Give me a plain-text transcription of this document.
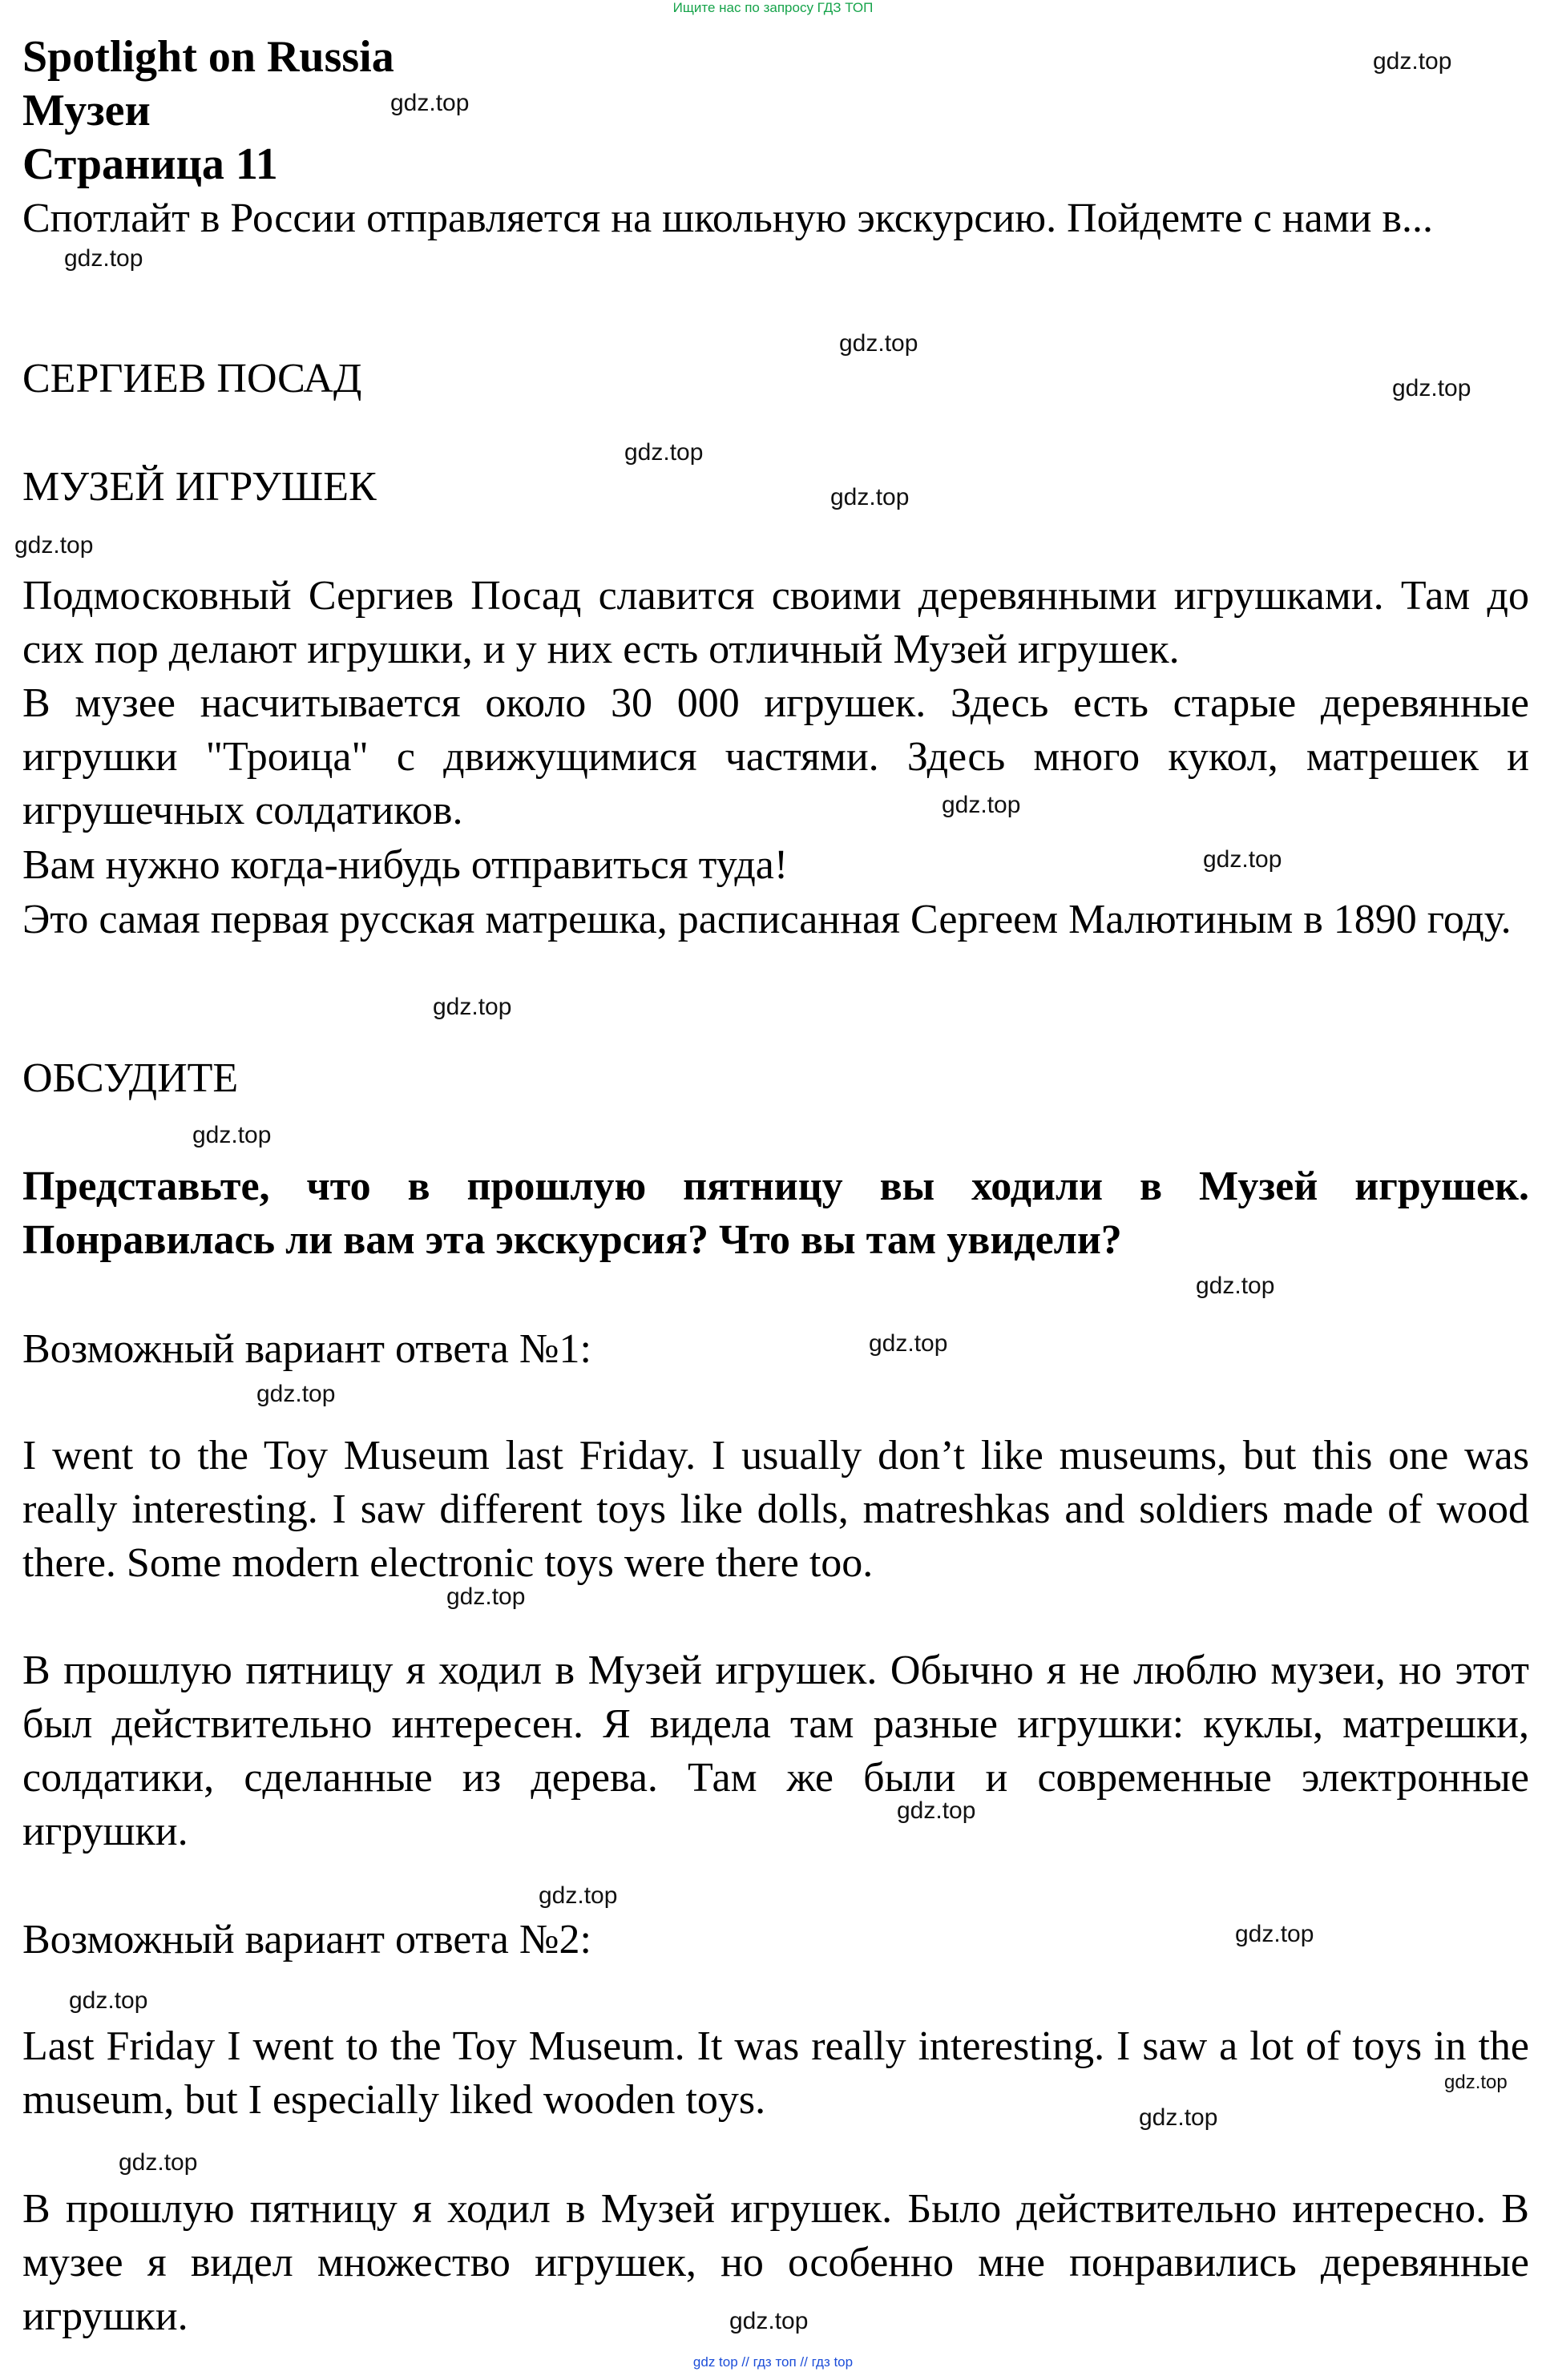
Ищите нас по запросу ГДЗ ТОП
Spotlight on Russia
Музеи
Страница 11

Спотлайт в России отправляется на школьную экскурсию. Пойдемте с нами в...

СЕРГИЕВ ПОСАД
МУЗЕЙ ИГРУШЕК

Подмосковный Сергиев Посад славится своими деревянными игрушками. Там до сих пор делают игрушки, и у них есть отличный Музей игрушек.

В музее насчитывается около 30 000 игрушек. Здесь есть старые деревянные игрушки "Троица" с движущимися частями. Здесь много кукол, матрешек и игрушечных солдатиков.

Вам нужно когда-нибудь отправиться туда!

Это самая первая русская матрешка, расписанная Сергеем Малютиным в 1890 году.

ОБСУДИТЕ

Представьте, что в прошлую пятницу вы ходили в Музей игрушек. Понравилась ли вам эта экскурсия? Что вы там увидели?

Возможный вариант ответа №1:

I went to the Toy Museum last Friday. I usually don’t like museums, but this one was really interesting. I saw different toys like dolls, matreshkas and soldiers made of wood there. Some modern electronic toys were there too.

В прошлую пятницу я ходил в Музей игрушек. Обычно я не люблю музеи, но этот был действительно интересен. Я видела там разные игрушки: куклы, матрешки, солдатики, сделанные из дерева. Там же были и современные электронные игрушки.

Возможный вариант ответа №2:

Last Friday I went to the Toy Museum. It was really interesting. I saw a lot of toys in the museum, but I especially liked wooden toys.

В прошлую пятницу я ходил в Музей игрушек. Было действительно интересно. В музее я видел множество игрушек, но особенно мне понравились деревянные игрушки.

gdz.top
gdz.top
gdz.top
gdz.top
gdz.top
gdz.top
gdz.top
gdz.top
gdz.top
gdz.top
gdz.top
gdz.top
gdz.top
gdz.top
gdz.top
gdz.top
gdz.top
gdz.top
gdz.top
gdz.top
gdz.top
gdz.top
gdz.top
gdz.top
gdz top // гдз топ // гдз top
